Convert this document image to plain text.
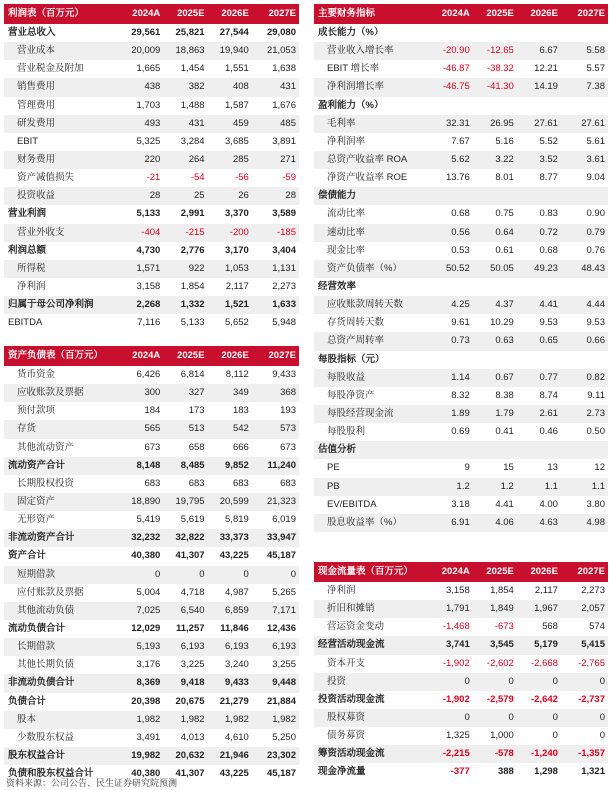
利润表（百万元）	2024A	2025E	2026E	2027E
营业总收入	29,561	25,821	27,544	29,080
营业成本	20,009	18,863	19,940	21,053
营业税金及附加	1,665	1,454	1,551	1,638
销售费用	438	382	408	431
管理费用	1,703	1,488	1,587	1,676
研发费用	493	431	459	485
EBIT	5,325	3,284	3,685	3,891
财务费用	220	264	285	271
资产减值损失	-21	-54	-56	-59
投资收益	28	25	26	28
营业利润	5,133	2,991	3,370	3,589
营业外收支	-404	-215	-200	-185
利润总额	4,730	2,776	3,170	3,404
所得税	1,571	922	1,053	1,131
净利润	3,158	1,854	2,117	2,273
归属于母公司净利润	2,268	1,332	1,521	1,633
EBITDA	7,116	5,133	5,652	5,948
主要财务指标	2024A	2025E	2026E	2027E
成长能力（%）				
营业收入增长率	-20.90	-12.65	6.67	5.58
EBIT 增长率	-46.87	-38.32	12.21	5.57
净利润增长率	-46.75	-41.30	14.19	7.38
盈利能力（%）				
毛利率	32.31	26.95	27.61	27.61
净利润率	7.67	5.16	5.52	5.61
总资产收益率 ROA	5.62	3.22	3.52	3.61
净资产收益率 ROE	13.76	8.01	8.77	9.04
偿债能力				
流动比率	0.68	0.75	0.83	0.90
速动比率	0.56	0.64	0.72	0.79
现金比率	0.53	0.61	0.68	0.76
资产负债率（%）	50.52	50.05	49.23	48.43
经营效率				
应收账款周转天数	4.25	4.37	4.41	4.44
存货周转天数	9.61	10.29	9.53	9.53
总资产周转率	0.73	0.63	0.65	0.66
每股指标（元）				
每股收益	1.14	0.67	0.77	0.82
每股净资产	8.32	8.38	8.74	9.11
每股经营现金流	1.89	1.79	2.61	2.73
每股股利	0.69	0.41	0.46	0.50
估值分析				
PE	9	15	13	12
PB	1.2	1.2	1.1	1.1
EV/EBITDA	3.18	4.41	4.00	3.80
股息收益率（%）	6.91	4.06	4.63	4.98
资产负债表（百万元）	2024A	2025E	2026E	2027E
货币资金	6,426	6,814	8,112	9,433
应收账款及票据	300	327	349	368
预付款项	184	173	183	193
存货	565	513	542	573
其他流动资产	673	658	666	673
流动资产合计	8,148	8,485	9,852	11,240
长期股权投资	683	683	683	683
固定资产	18,890	19,795	20,599	21,323
无形资产	5,419	5,619	5,819	6,019
非流动资产合计	32,232	32,822	33,373	33,947
资产合计	40,380	41,307	43,225	45,187
短期借款	0	0	0	0
应付账款及票据	5,004	4,718	4,987	5,265
其他流动负债	7,025	6,540	6,859	7,171
流动负债合计	12,029	11,257	11,846	12,436
长期借款	5,193	6,193	6,193	6,193
其他长期负债	3,176	3,225	3,240	3,255
非流动负债合计	8,369	9,418	9,433	9,448
负债合计	20,398	20,675	21,279	21,884
股本	1,982	1,982	1,982	1,982
少数股东权益	3,491	4,013	4,610	5,250
股东权益合计	19,982	20,632	21,946	23,302
负债和股东权益合计	40,380	41,307	43,225	45,187
现金流量表（百万元）	2024A	2025E	2026E	2027E
净利润	3,158	1,854	2,117	2,273
折旧和摊销	1,791	1,849	1,967	2,057
营运资金变动	-1,468	-673	568	574
经营活动现金流	3,741	3,545	5,179	5,415
资本开支	-1,902	-2,602	-2,668	-2,765
投资	0	0	0	0
投资活动现金流	-1,902	-2,579	-2,642	-2,737
股权募资	0	0	0	0
债务募资	1,325	1,000	0	0
筹资活动现金流	-2,215	-578	-1,240	-1,357
现金净流量	-377	388	1,298	1,321
资料来源：公司公告、民生证券研究院预测
